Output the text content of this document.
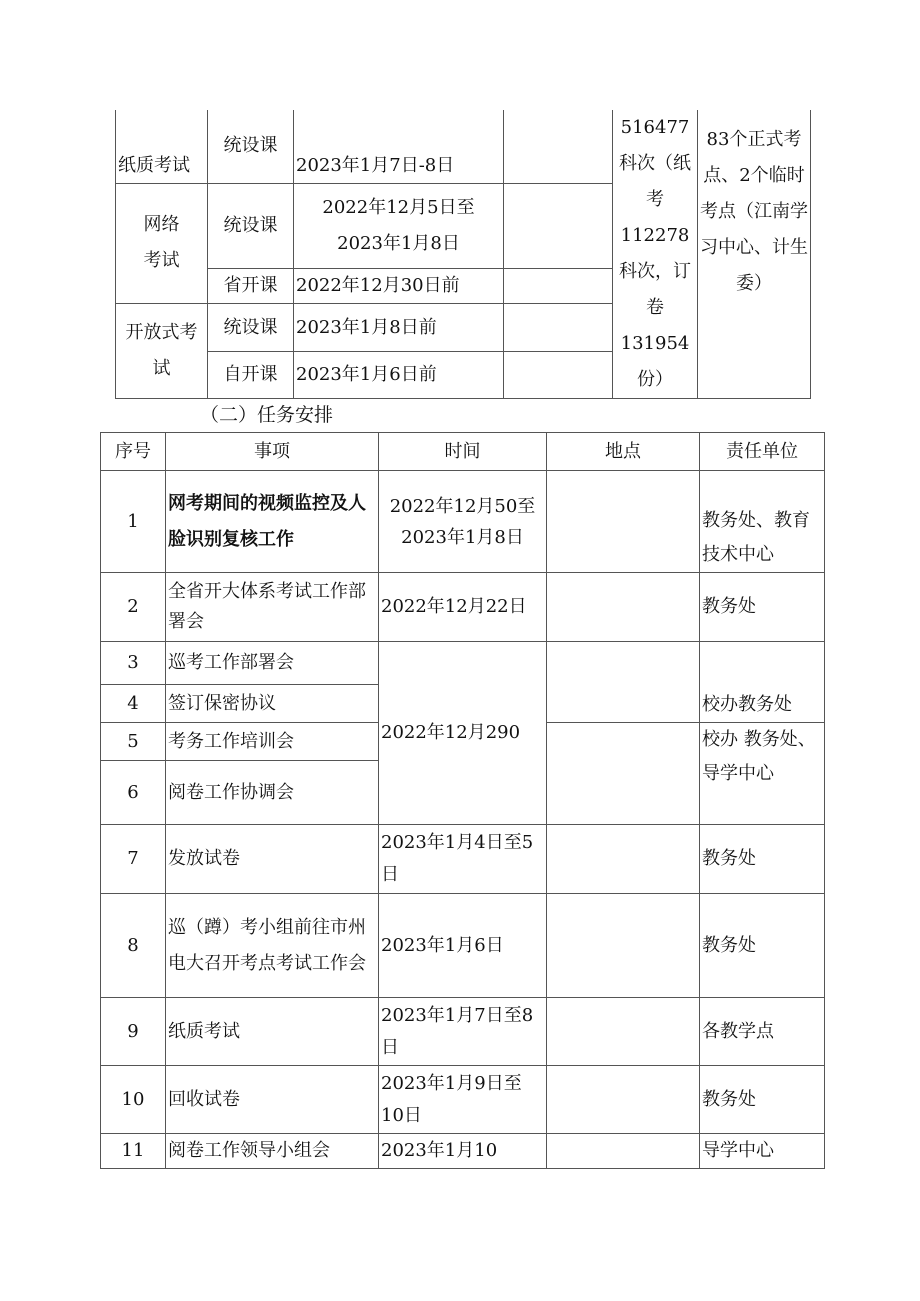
纸质考试	统设课	2023年1月7日-8日		516477科次（纸考112278科次，订卷131954份）	83个正式考点、2个临时考点（江南学习中心、计生委）
网络考试	统设课	2022年12月5日至2023年1月8日			
	省开课	2022年12月30日前			
开放式考试	统设课	2023年1月8日前			
	自开课	2023年1月6日前			
（二）任务安排
序号	事项	时间	地点	责任单位
1	网考期间的视频监控及人脸识别复核工作	2022年12月50至2023年1月8日		教务处、教育技术中心
2	全省开大体系考试工作部署会	2022年12月22日		教务处
3	巡考工作部署会	2022年12月290		校办教务处
4	签订保密协议			
5	考务工作培训会			校办 教务处、导学中心
6	阅卷工作协调会			
7	发放试卷	2023年1月4日至5日		教务处
8	巡（蹲）考小组前往市州电大召开考点考试工作会	2023年1月6日		教务处
9	纸质考试	2023年1月7日至8日		各教学点
10	回收试卷	2023年1月9日至10日		教务处
11	阅卷工作领导小组会	2023年1月10		导学中心
